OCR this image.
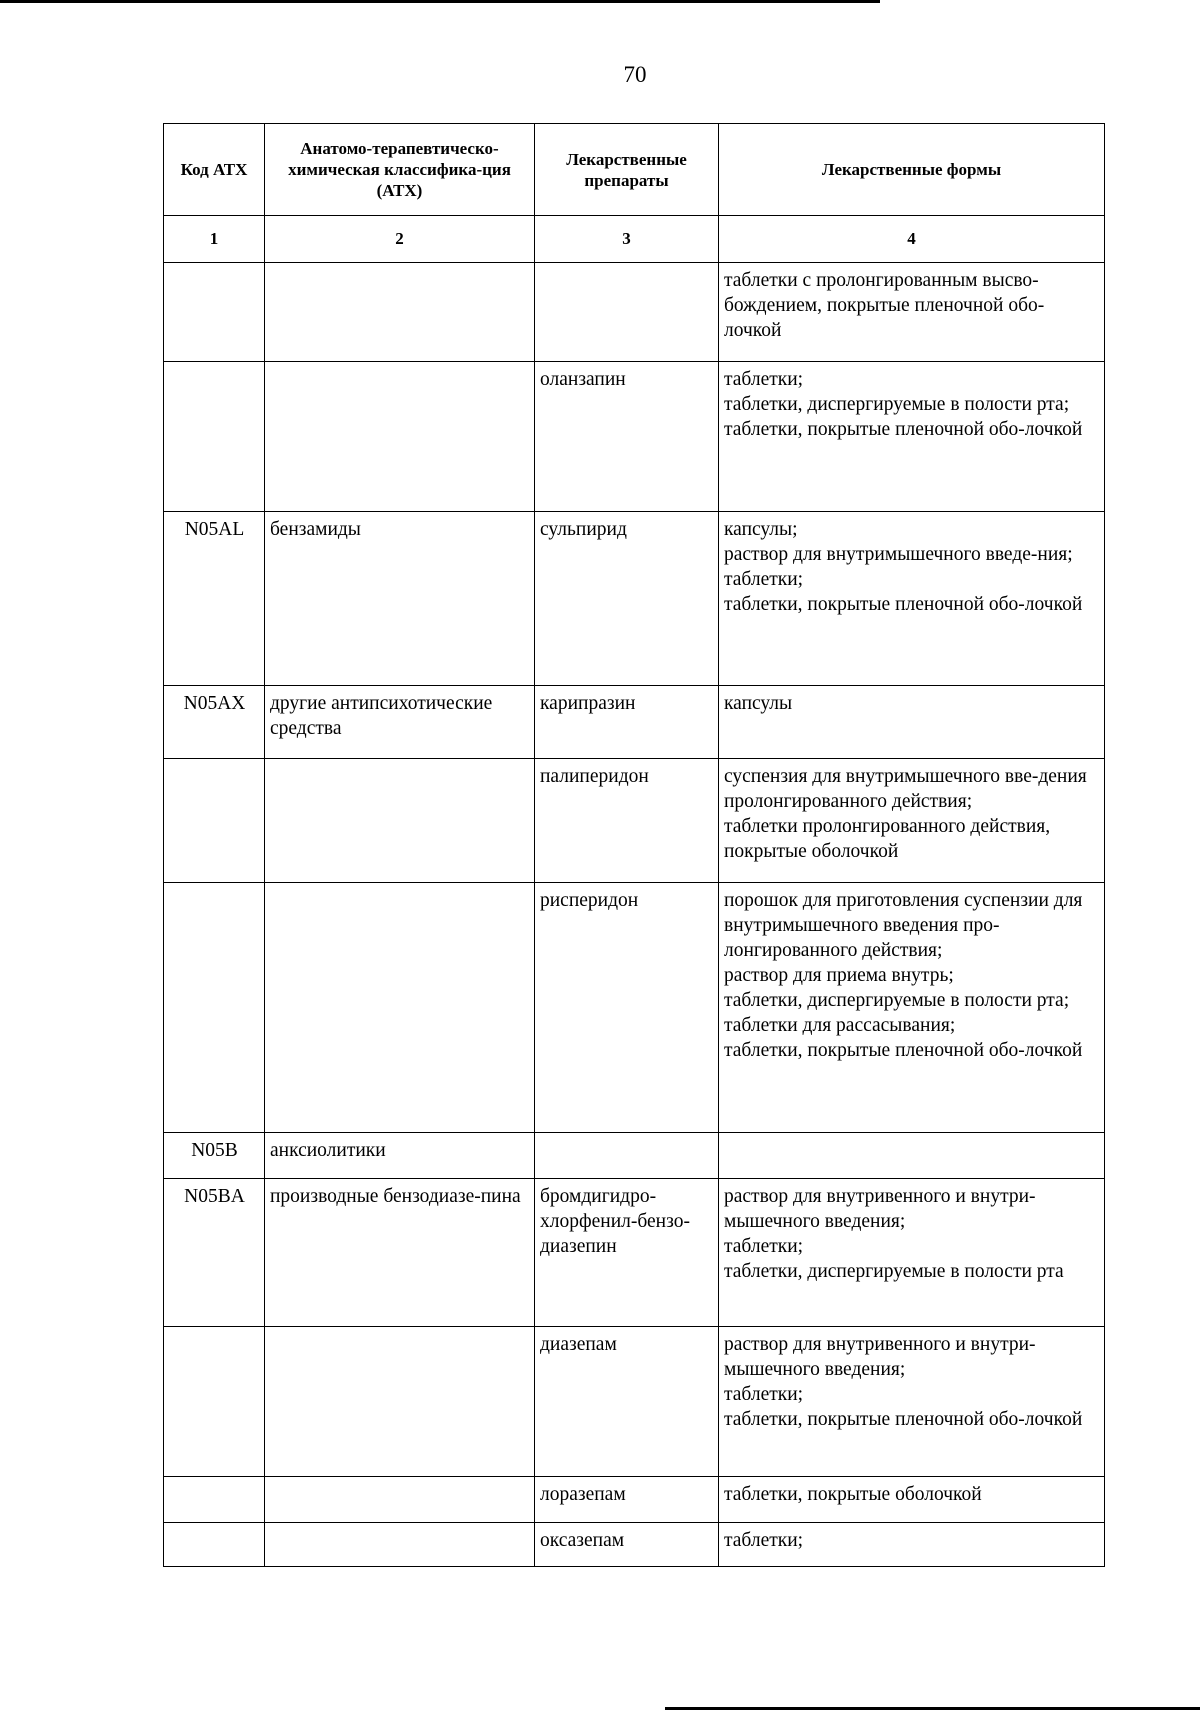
70
Код АТХ	Анатомо-терапевтическо-химическая классифика-ция (АТХ)	Лекарственные препараты	Лекарственные формы
1	2	3	4
			таблетки с пролонгированным высво-бождением, покрытые пленочной обо-лочкой
		оланзапин	таблетки;
таблетки, диспергируемые в полости рта;
таблетки, покрытые пленочной обо-лочкой
N05AL	бензамиды	сульпирид	капсулы;
раствор для внутримышечного введе-ния;
таблетки;
таблетки, покрытые пленочной обо-лочкой
N05AX	другие антипсихотические средства	карипразин	капсулы
		палиперидон	суспензия для внутримышечного вве-дения пролонгированного действия;
таблетки пролонгированного действия, покрытые оболочкой
		рисперидон	порошок для приготовления суспензии для внутримышечного введения про-лонгированного действия;
раствор для приема внутрь;
таблетки, диспергируемые в полости рта;
таблетки для рассасывания;
таблетки, покрытые пленочной обо-лочкой
N05B	анксиолитики		
N05BA	производные бензодиазе-пина	бромдигидро-хлорфенил-бензо-диазепин	раствор для внутривенного и внутри-мышечного введения;
таблетки;
таблетки, диспергируемые в полости рта
		диазепам	раствор для внутривенного и внутри-мышечного введения;
таблетки;
таблетки, покрытые пленочной обо-лочкой
		лоразепам	таблетки, покрытые оболочкой
		оксазепам	таблетки;
